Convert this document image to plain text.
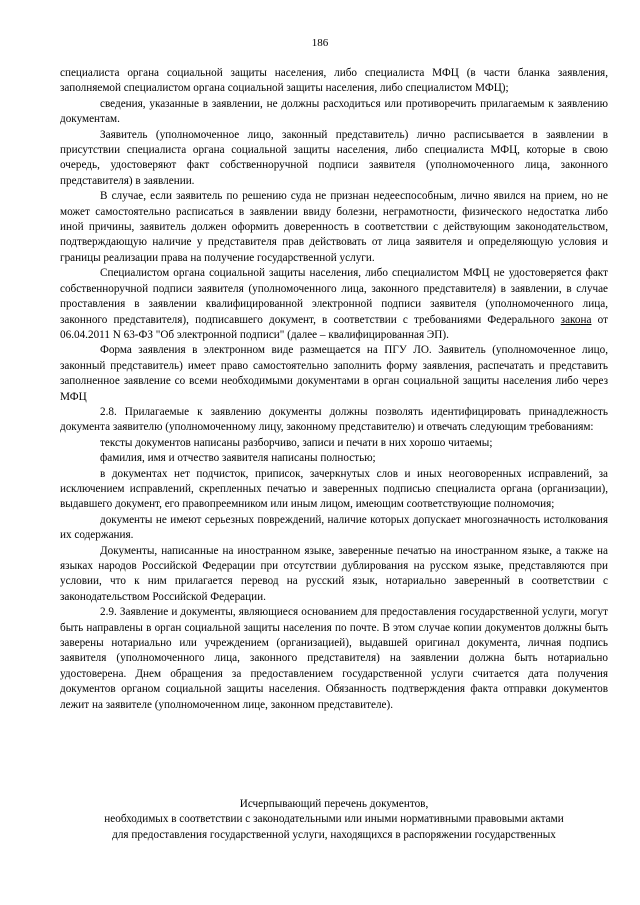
186

специалиста органа социальной защиты населения, либо специалиста МФЦ (в части бланка заявления, заполняемой специалистом органа социальной защиты населения, либо специалистом МФЦ);

сведения, указанные в заявлении, не должны расходиться или противоречить прилагаемым к заявлению документам.

Заявитель (уполномоченное лицо, законный представитель) лично расписывается в заявлении в присутствии специалиста органа социальной защиты населения, либо специалиста МФЦ, которые в свою очередь, удостоверяют факт собственноручной подписи заявителя (уполномоченного лица, законного представителя) в заявлении.

В случае, если заявитель по решению суда не признан недееспособным, лично явился на прием, но не может самостоятельно расписаться в заявлении ввиду болезни, неграмотности, физического недостатка либо иной причины, заявитель должен оформить доверенность в соответствии с действующим законодательством, подтверждающую наличие у представителя прав действовать от лица заявителя и определяющую условия и границы реализации права на получение государственной услуги.

Специалистом органа социальной защиты населения, либо специалистом МФЦ не удостоверяется факт собственноручной подписи заявителя (уполномоченного лица, законного представителя) в заявлении, в случае проставления в заявлении квалифицированной электронной подписи заявителя (уполномоченного лица, законного представителя), подписавшего документ, в соответствии с требованиями Федерального закона от 06.04.2011 N 63-ФЗ "Об электронной подписи" (далее – квалифицированная ЭП).

Форма заявления в электронном виде размещается на ПГУ ЛО. Заявитель (уполномоченное лицо, законный представитель) имеет право самостоятельно заполнить форму заявления, распечатать и представить заполненное заявление со всеми необходимыми документами в орган социальной защиты населения либо через МФЦ

2.8. Прилагаемые к заявлению документы должны позволять идентифицировать принадлежность документа заявителю (уполномоченному лицу, законному представителю) и отвечать следующим требованиям:

тексты документов написаны разборчиво, записи и печати в них хорошо читаемы;

фамилия, имя и отчество заявителя написаны полностью;

в документах нет подчисток, приписок, зачеркнутых слов и иных неоговоренных исправлений, за исключением исправлений, скрепленных печатью и заверенных подписью специалиста органа (организации), выдавшего документ, его правопреемником или иным лицом, имеющим соответствующие полномочия;

документы не имеют серьезных повреждений, наличие которых допускает многозначность истолкования их содержания.

Документы, написанные на иностранном языке, заверенные печатью на иностранном языке, а также на языках народов Российской Федерации при отсутствии дублирования на русском языке, представляются при условии, что к ним прилагается перевод на русский язык, нотариально заверенный в соответствии с законодательством Российской Федерации.

2.9. Заявление и документы, являющиеся основанием для предоставления государственной услуги, могут быть направлены в орган социальной защиты населения по почте. В этом случае копии документов должны быть заверены нотариально или учреждением (организацией), выдавшей оригинал документа, личная подпись заявителя (уполномоченного лица, законного представителя) на заявлении должна быть нотариально удостоверена. Днем обращения за предоставлением государственной услуги считается дата получения документов органом социальной защиты населения. Обязанность подтверждения факта отправки документов лежит на заявителе (уполномоченном лице, законном представителе).

Исчерпывающий перечень документов,

необходимых в соответствии с законодательными или иными нормативными правовыми актами

для предоставления государственной услуги, находящихся в распоряжении государственных
